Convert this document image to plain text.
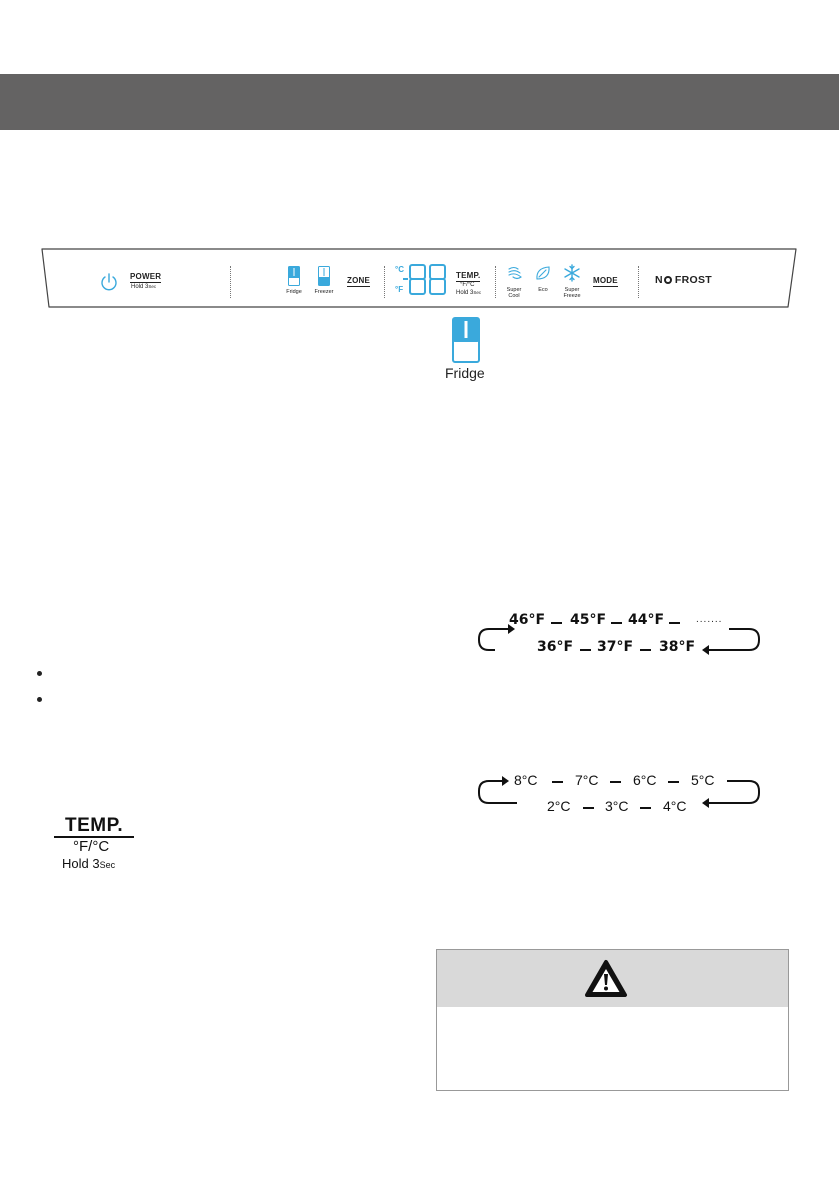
POWER
Hold 3Sec
Fridge	Freezer
ZONE
°C
°F
TEMP.
°F/°C
Hold 3Sec	Super
Cool
Eco	Super
Freeze
MODE	N FROST
Fridge
46°F 45°F 44°F	.......
36°F 37°F 38°F
8°C	7°C 6°C 5°C
2°C 3°C 4°C
TEMP.
°F/°C
Hold 3Sec
